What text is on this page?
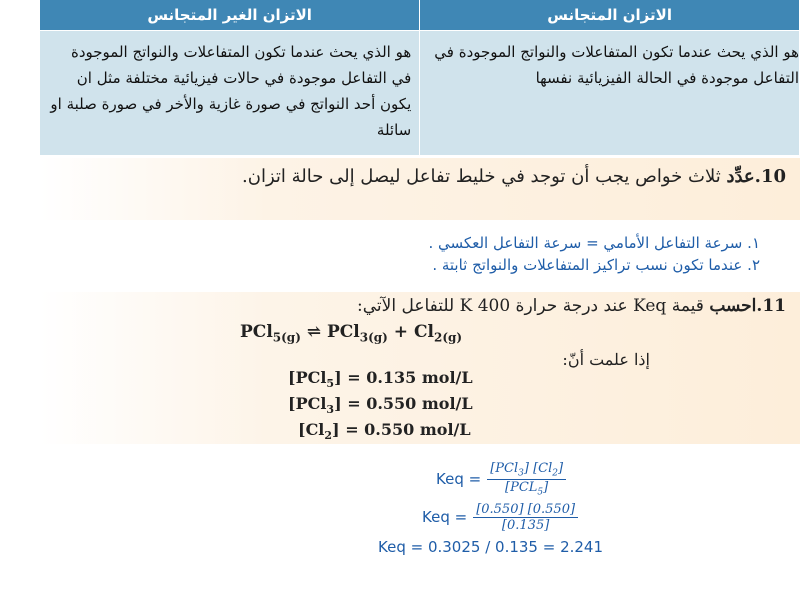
الاتزان الغير المتجانس	الاتزان المتجانس
هو الذي يحث عندما تكون المتفاعلات والنواتج الموجودة في التفاعل موجودة في حالات فيزيائية مختلفة مثل ان يكون أحد النواتج في صورة غازية والأخر في صورة صلبة او سائلة	هو الذي يحث عندما تكون المتفاعلات والنواتج الموجودة في التفاعل موجودة في الحالة الفيزيائية نفسها
10.عدِّد ثلاث خواص يجب أن توجد في خليط تفاعل ليصل إلى حالة اتزان.
١. سرعة التفاعل الأمامي = سرعة التفاعل العكسي .
٢. عندما تكون نسب تراكيز المتفاعلات والنواتج ثابتة .
11.احسب قيمة Keq عند درجة حرارة 400 K للتفاعل الآتي:
PCl$_{5(g)}$ ⇌ $PCl_{3(g)} + Cl_{2(g)}$
إذا علمت أنّ:
[PCl$_5$] = 0.135 mol/L
[PCl$_3$] = 0.550 mol/L
$[Cl_2] = 0.550$ mol/L
Keq = $\frac{[PCl_3] [Cl_2]}{[PCL_5]}$
Keq = $\frac{[0.550] [0.550]}{[0.135]}$
Keq = 0.3025 / 0.135 = 2.241
